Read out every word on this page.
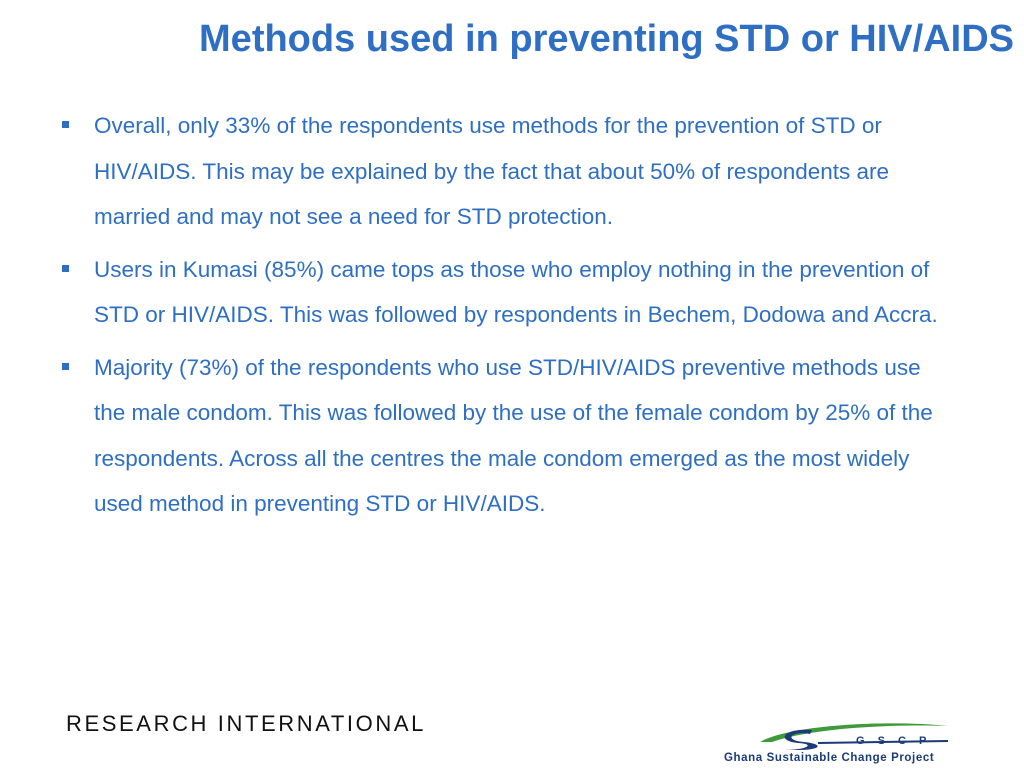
Methods used in preventing STD or HIV/AIDS
Overall, only 33% of the respondents use methods for the prevention of STD or HIV/AIDS. This may be explained by the fact that about 50% of respondents are married and may not see a need for STD protection.
Users in Kumasi (85%) came tops as those who employ nothing in the prevention of STD or HIV/AIDS. This was followed by respondents in Bechem, Dodowa and Accra.
Majority (73%) of the respondents who use STD/HIV/AIDS preventive methods use the male condom. This was followed by the use of the female condom by 25% of the respondents. Across all the centres the male condom emerged as the most widely used method in preventing STD or HIV/AIDS.
RESEARCH INTERNATIONAL
G S C P
Ghana Sustainable Change Project
